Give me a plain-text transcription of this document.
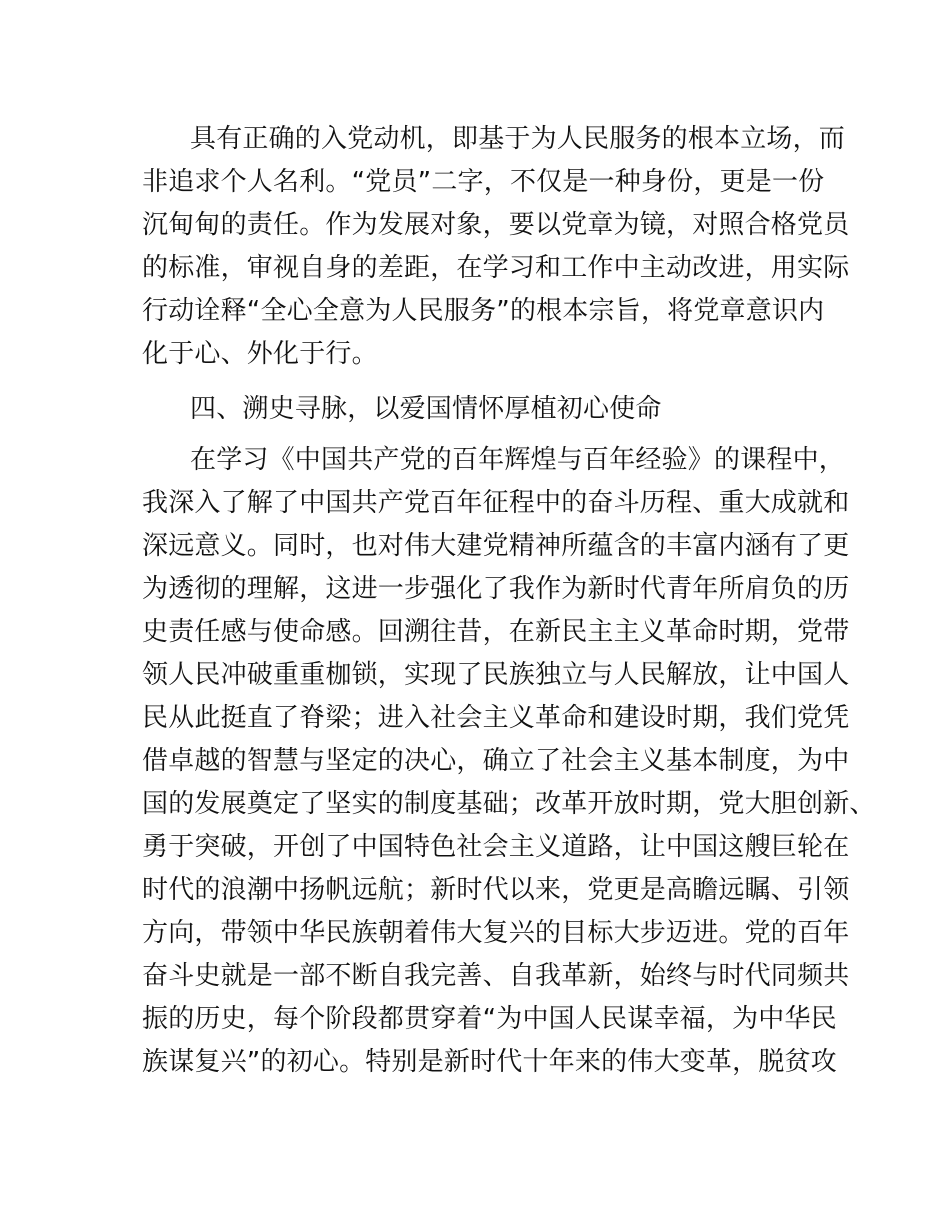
具有正确的入党动机，即基于为人民服务的根本立场，而
非追求个人名利。“党员”二字，不仅是一种身份，更是一份
沉甸甸的责任。作为发展对象，要以党章为镜，对照合格党员
的标准，审视自身的差距，在学习和工作中主动改进，用实际
行动诠释“全心全意为人民服务”的根本宗旨，将党章意识内
化于心、外化于行。
四、溯史寻脉，以爱国情怀厚植初心使命
在学习《中国共产党的百年辉煌与百年经验》的课程中，
我深入了解了中国共产党百年征程中的奋斗历程、重大成就和
深远意义。同时，也对伟大建党精神所蕴含的丰富内涵有了更
为透彻的理解，这进一步强化了我作为新时代青年所肩负的历
史责任感与使命感。回溯往昔，在新民主主义革命时期，党带
领人民冲破重重枷锁，实现了民族独立与人民解放，让中国人
民从此挺直了脊梁；进入社会主义革命和建设时期，我们党凭
借卓越的智慧与坚定的决心，确立了社会主义基本制度，为中
国的发展奠定了坚实的制度基础；改革开放时期，党大胆创新、
勇于突破，开创了中国特色社会主义道路，让中国这艘巨轮在
时代的浪潮中扬帆远航；新时代以来，党更是高瞻远瞩、引领
方向，带领中华民族朝着伟大复兴的目标大步迈进。党的百年
奋斗史就是一部不断自我完善、自我革新，始终与时代同频共
振的历史，每个阶段都贯穿着“为中国人民谋幸福，为中华民
族谋复兴”的初心。特别是新时代十年来的伟大变革，脱贫攻
